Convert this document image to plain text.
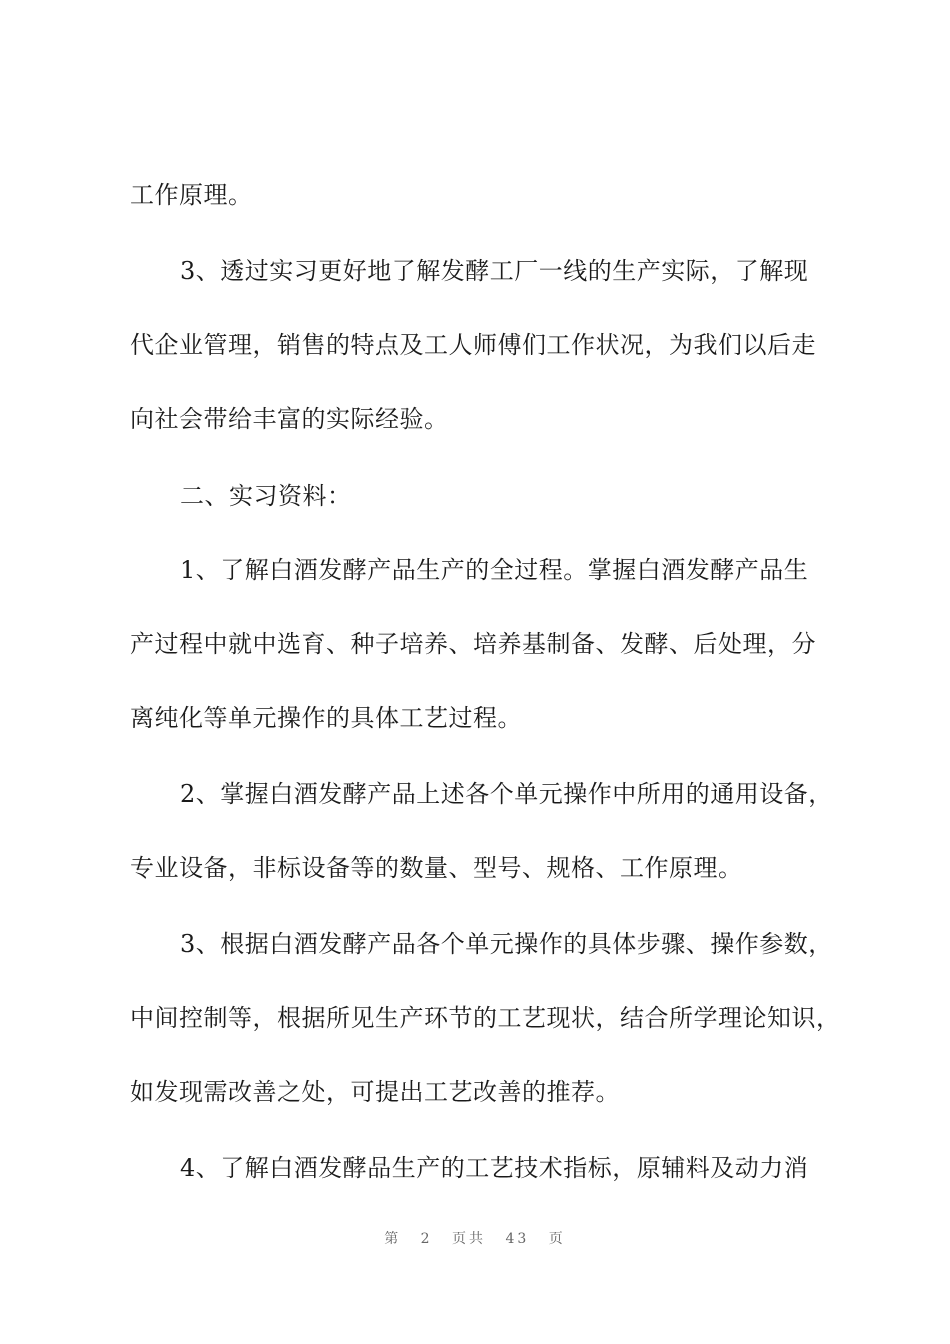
工作原理。
3、透过实习更好地了解发酵工厂一线的生产实际，了解现
代企业管理，销售的特点及工人师傅们工作状况，为我们以后走
向社会带给丰富的实际经验。
二、实习资料：
1、了解白酒发酵产品生产的全过程。掌握白酒发酵产品生
产过程中就中选育、种子培养、培养基制备、发酵、后处理，分
离纯化等单元操作的具体工艺过程。
2、掌握白酒发酵产品上述各个单元操作中所用的通用设备，
专业设备，非标设备等的数量、型号、规格、工作原理。
3、根据白酒发酵产品各个单元操作的具体步骤、操作参数，
中间控制等，根据所见生产环节的工艺现状，结合所学理论知识，
如发现需改善之处，可提出工艺改善的推荐。
4、了解白酒发酵品生产的工艺技术指标，原辅料及动力消
第 2 页共 43 页
